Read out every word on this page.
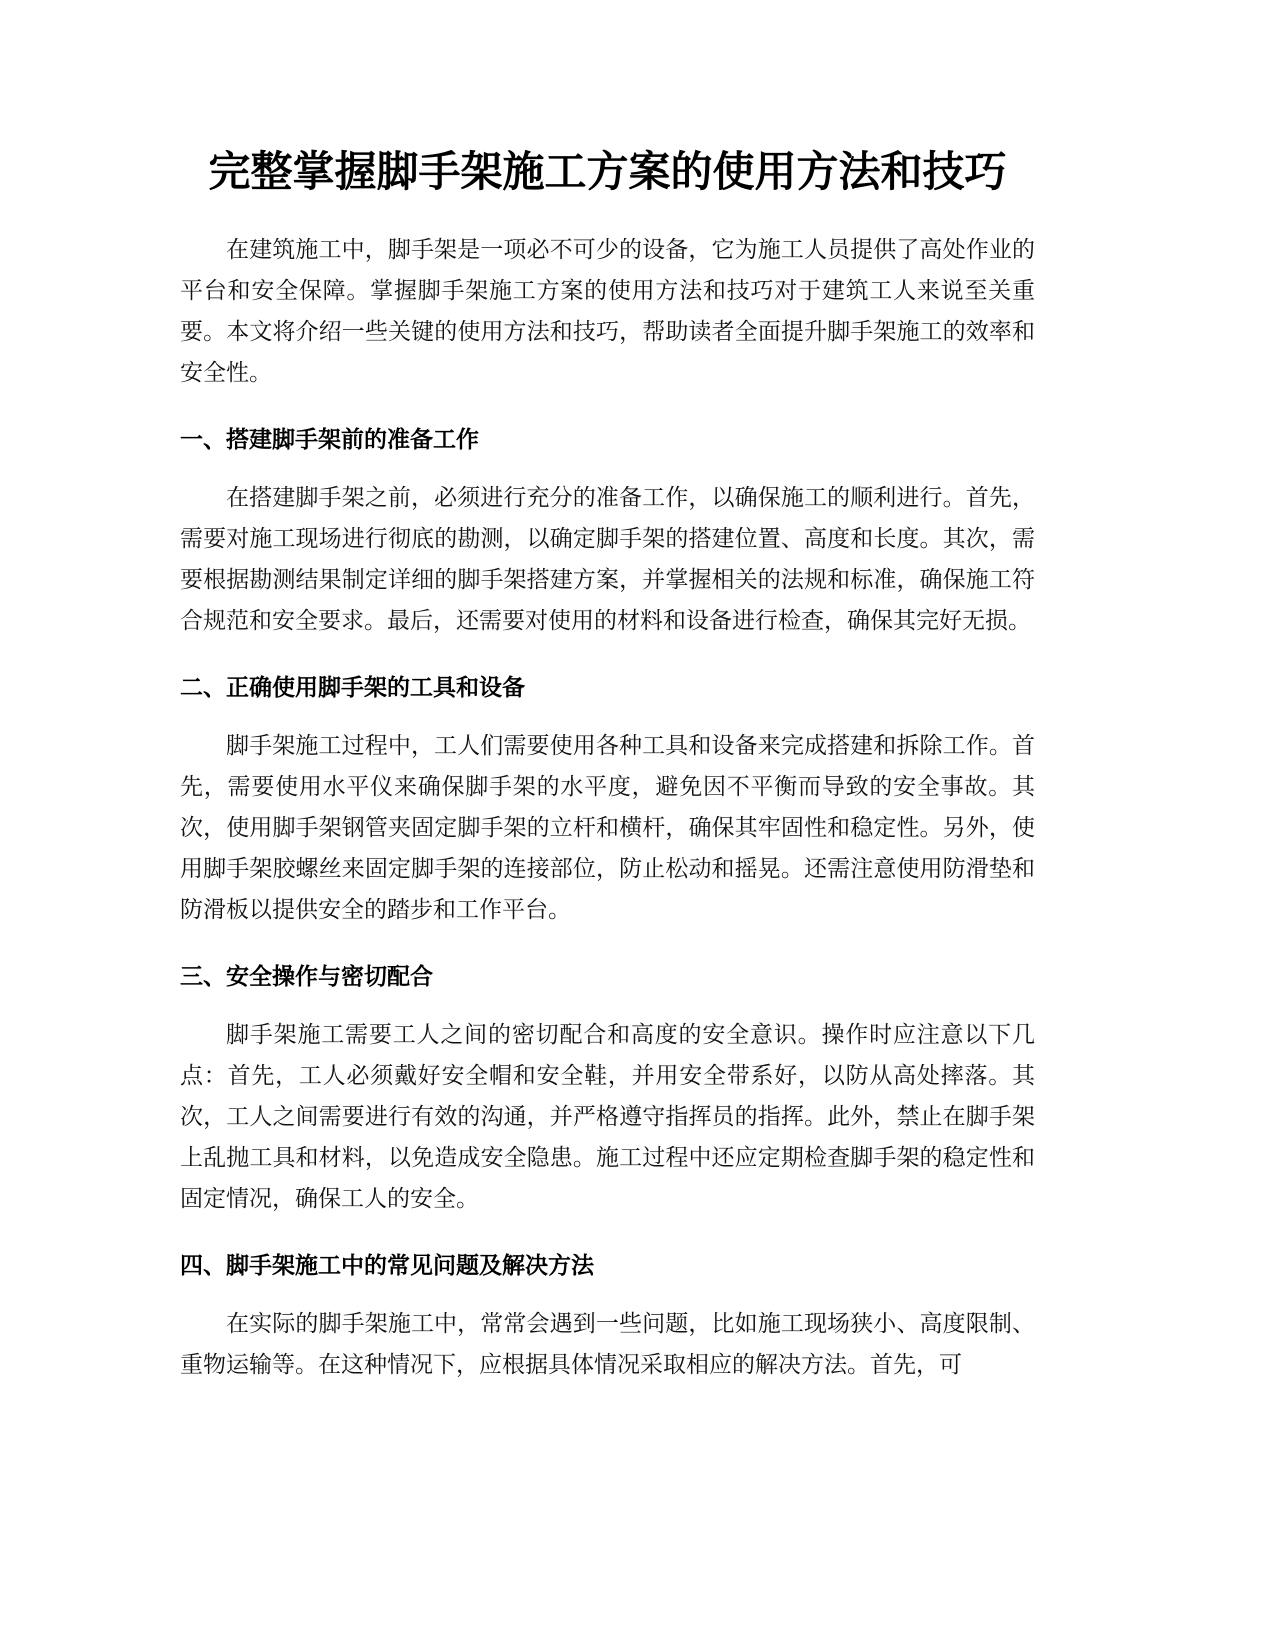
完整掌握脚手架施工方案的使用方法和技巧

在建筑施工中，脚手架是一项必不可少的设备，它为施工人员提供了高处作业的平台和安全保障。掌握脚手架施工方案的使用方法和技巧对于建筑工人来说至关重要。本文将介绍一些关键的使用方法和技巧，帮助读者全面提升脚手架施工的效率和安全性。

一、搭建脚手架前的准备工作

在搭建脚手架之前，必须进行充分的准备工作，以确保施工的顺利进行。首先，需要对施工现场进行彻底的勘测，以确定脚手架的搭建位置、高度和长度。其次，需要根据勘测结果制定详细的脚手架搭建方案，并掌握相关的法规和标准，确保施工符合规范和安全要求。最后，还需要对使用的材料和设备进行检查，确保其完好无损。

二、正确使用脚手架的工具和设备

脚手架施工过程中，工人们需要使用各种工具和设备来完成搭建和拆除工作。首先，需要使用水平仪来确保脚手架的水平度，避免因不平衡而导致的安全事故。其次，使用脚手架钢管夹固定脚手架的立杆和横杆，确保其牢固性和稳定性。另外，使用脚手架胶螺丝来固定脚手架的连接部位，防止松动和摇晃。还需注意使用防滑垫和防滑板以提供安全的踏步和工作平台。

三、安全操作与密切配合

脚手架施工需要工人之间的密切配合和高度的安全意识。操作时应注意以下几点：首先，工人必须戴好安全帽和安全鞋，并用安全带系好，以防从高处摔落。其次，工人之间需要进行有效的沟通，并严格遵守指挥员的指挥。此外，禁止在脚手架上乱抛工具和材料，以免造成安全隐患。施工过程中还应定期检查脚手架的稳定性和固定情况，确保工人的安全。

四、脚手架施工中的常见问题及解决方法

在实际的脚手架施工中，常常会遇到一些问题，比如施工现场狭小、高度限制、重物运输等。在这种情况下，应根据具体情况采取相应的解决方法。首先，可
